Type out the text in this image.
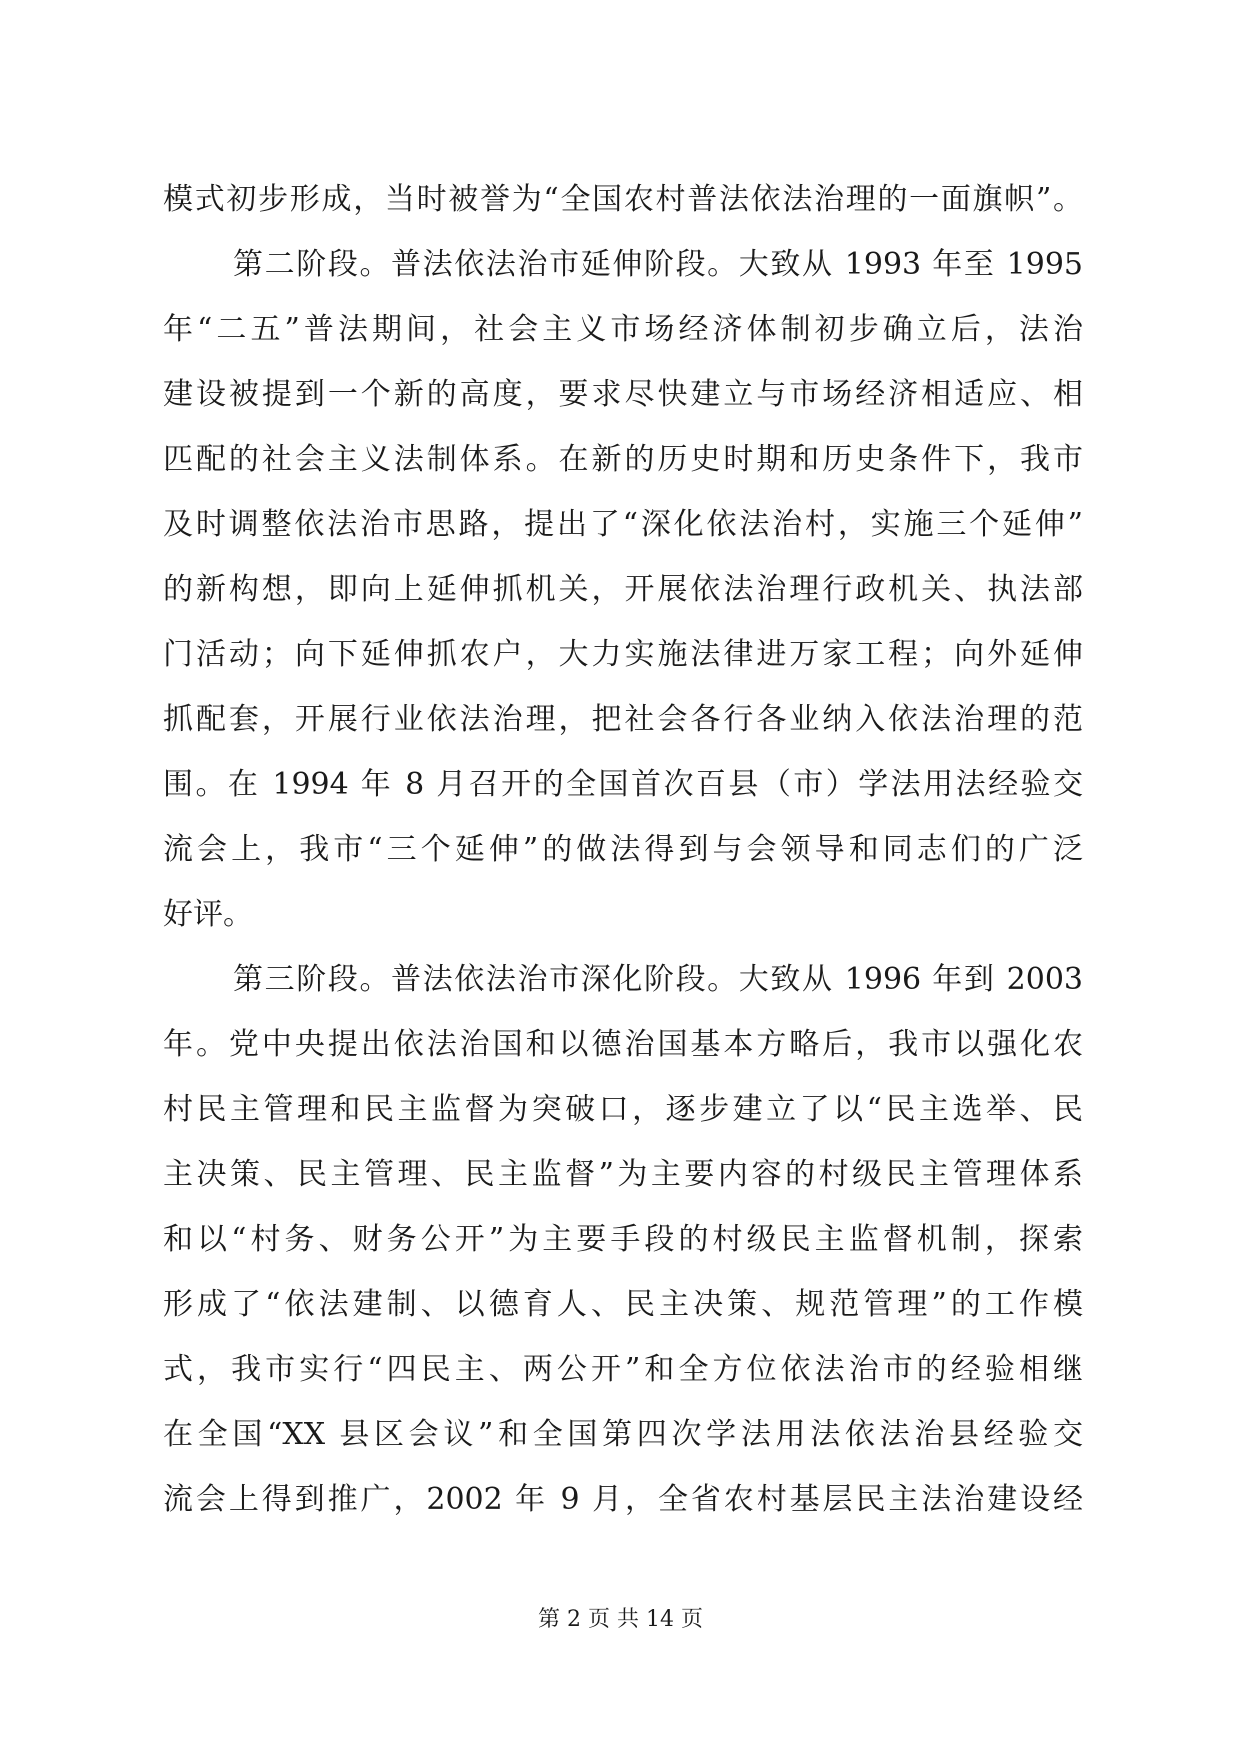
模式初步形成，当时被誉为“全国农村普法依法治理的一面旗帜”。
第二阶段。普法依法治市延伸阶段。大致从 1993 年至 1995
年“二五”普法期间，社会主义市场经济体制初步确立后，法治
建设被提到一个新的高度，要求尽快建立与市场经济相适应、相
匹配的社会主义法制体系。在新的历史时期和历史条件下，我市
及时调整依法治市思路，提出了“深化依法治村，实施三个延伸”
的新构想，即向上延伸抓机关，开展依法治理行政机关、执法部
门活动；向下延伸抓农户，大力实施法律进万家工程；向外延伸
抓配套，开展行业依法治理，把社会各行各业纳入依法治理的范
围。在 1994 年 8 月召开的全国首次百县（市）学法用法经验交
流会上，我市“三个延伸”的做法得到与会领导和同志们的广泛
好评。
第三阶段。普法依法治市深化阶段。大致从 1996 年到 2003
年。党中央提出依法治国和以德治国基本方略后，我市以强化农
村民主管理和民主监督为突破口，逐步建立了以“民主选举、民
主决策、民主管理、民主监督”为主要内容的村级民主管理体系
和以“村务、财务公开”为主要手段的村级民主监督机制，探索
形成了“依法建制、以德育人、民主决策、规范管理”的工作模
式，我市实行“四民主、两公开”和全方位依法治市的经验相继
在全国“XX 县区会议”和全国第四次学法用法依法治县经验交
流会上得到推广，2002 年 9 月，全省农村基层民主法治建设经
第 2 页 共 14 页
